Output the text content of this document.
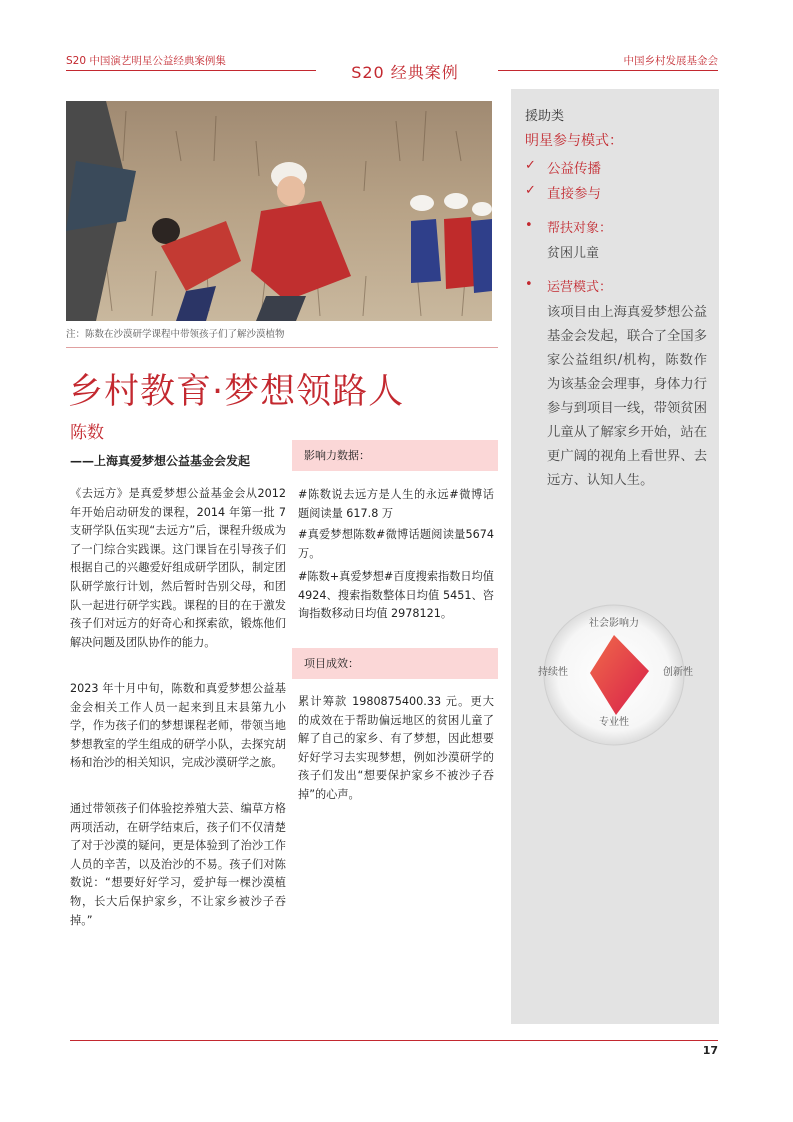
S20 中国演艺明星公益经典案例集
S20 经典案例
中国乡村发展基金会
注：陈数在沙漠研学课程中带领孩子们了解沙漠植物
乡村教育·梦想领路人
陈数
——上海真爱梦想公益基金会发起
《去远方》是真爱梦想公益基金会从2012 年开始启动研发的课程，2014 年第一批 7 支研学队伍实现“去远方”后，课程升级成为了一门综合实践课。这门课旨在引导孩子们根据自己的兴趣爱好组成研学团队，制定团队研学旅行计划，然后暂时告别父母，和团队一起进行研学实践。课程的目的在于激发孩子们对远方的好奇心和探索欲，锻炼他们解决问题及团队协作的能力。
2023 年十月中旬，陈数和真爱梦想公益基金会相关工作人员一起来到且末县第九小学，作为孩子们的梦想课程老师，带领当地梦想教室的学生组成的研学小队，去探究胡杨和治沙的相关知识，完成沙漠研学之旅。
通过带领孩子们体验挖养殖大芸、编草方格两项活动，在研学结束后，孩子们不仅清楚了对于沙漠的疑问，更是体验到了治沙工作人员的辛苦，以及治沙的不易。孩子们对陈数说：“想要好好学习，爱护每一棵沙漠植物，长大后保护家乡，不让家乡被沙子吞掉。”
影响力数据：
#陈数说去远方是人生的永远#微博话题阅读量 617.8 万
#真爱梦想陈数#微博话题阅读量5674 万。
#陈数+真爱梦想#百度搜索指数日均值 4924、搜索指数整体日均值 5451、咨询指数移动日均值 2978121。
项目成效：
累计筹款 1980875400.33 元。更大的成效在于帮助偏远地区的贫困儿童了解了自己的家乡、有了梦想，因此想要好好学习去实现梦想，例如沙漠研学的孩子们发出“想要保护家乡不被沙子吞掉”的心声。
援助类
明星参与模式：
✓ 公益传播
✓ 直接参与
• 帮扶对象：
贫困儿童
• 运营模式：
该项目由上海真爱梦想公益基金会发起，联合了全国多家公益组织/机构，陈数作为该基金会理事，身体力行参与到项目一线，带领贫困儿童从了解家乡开始，站在更广阔的视角上看世界、去远方、认知人生。
社会影响力
创新性
专业性
持续性
17
